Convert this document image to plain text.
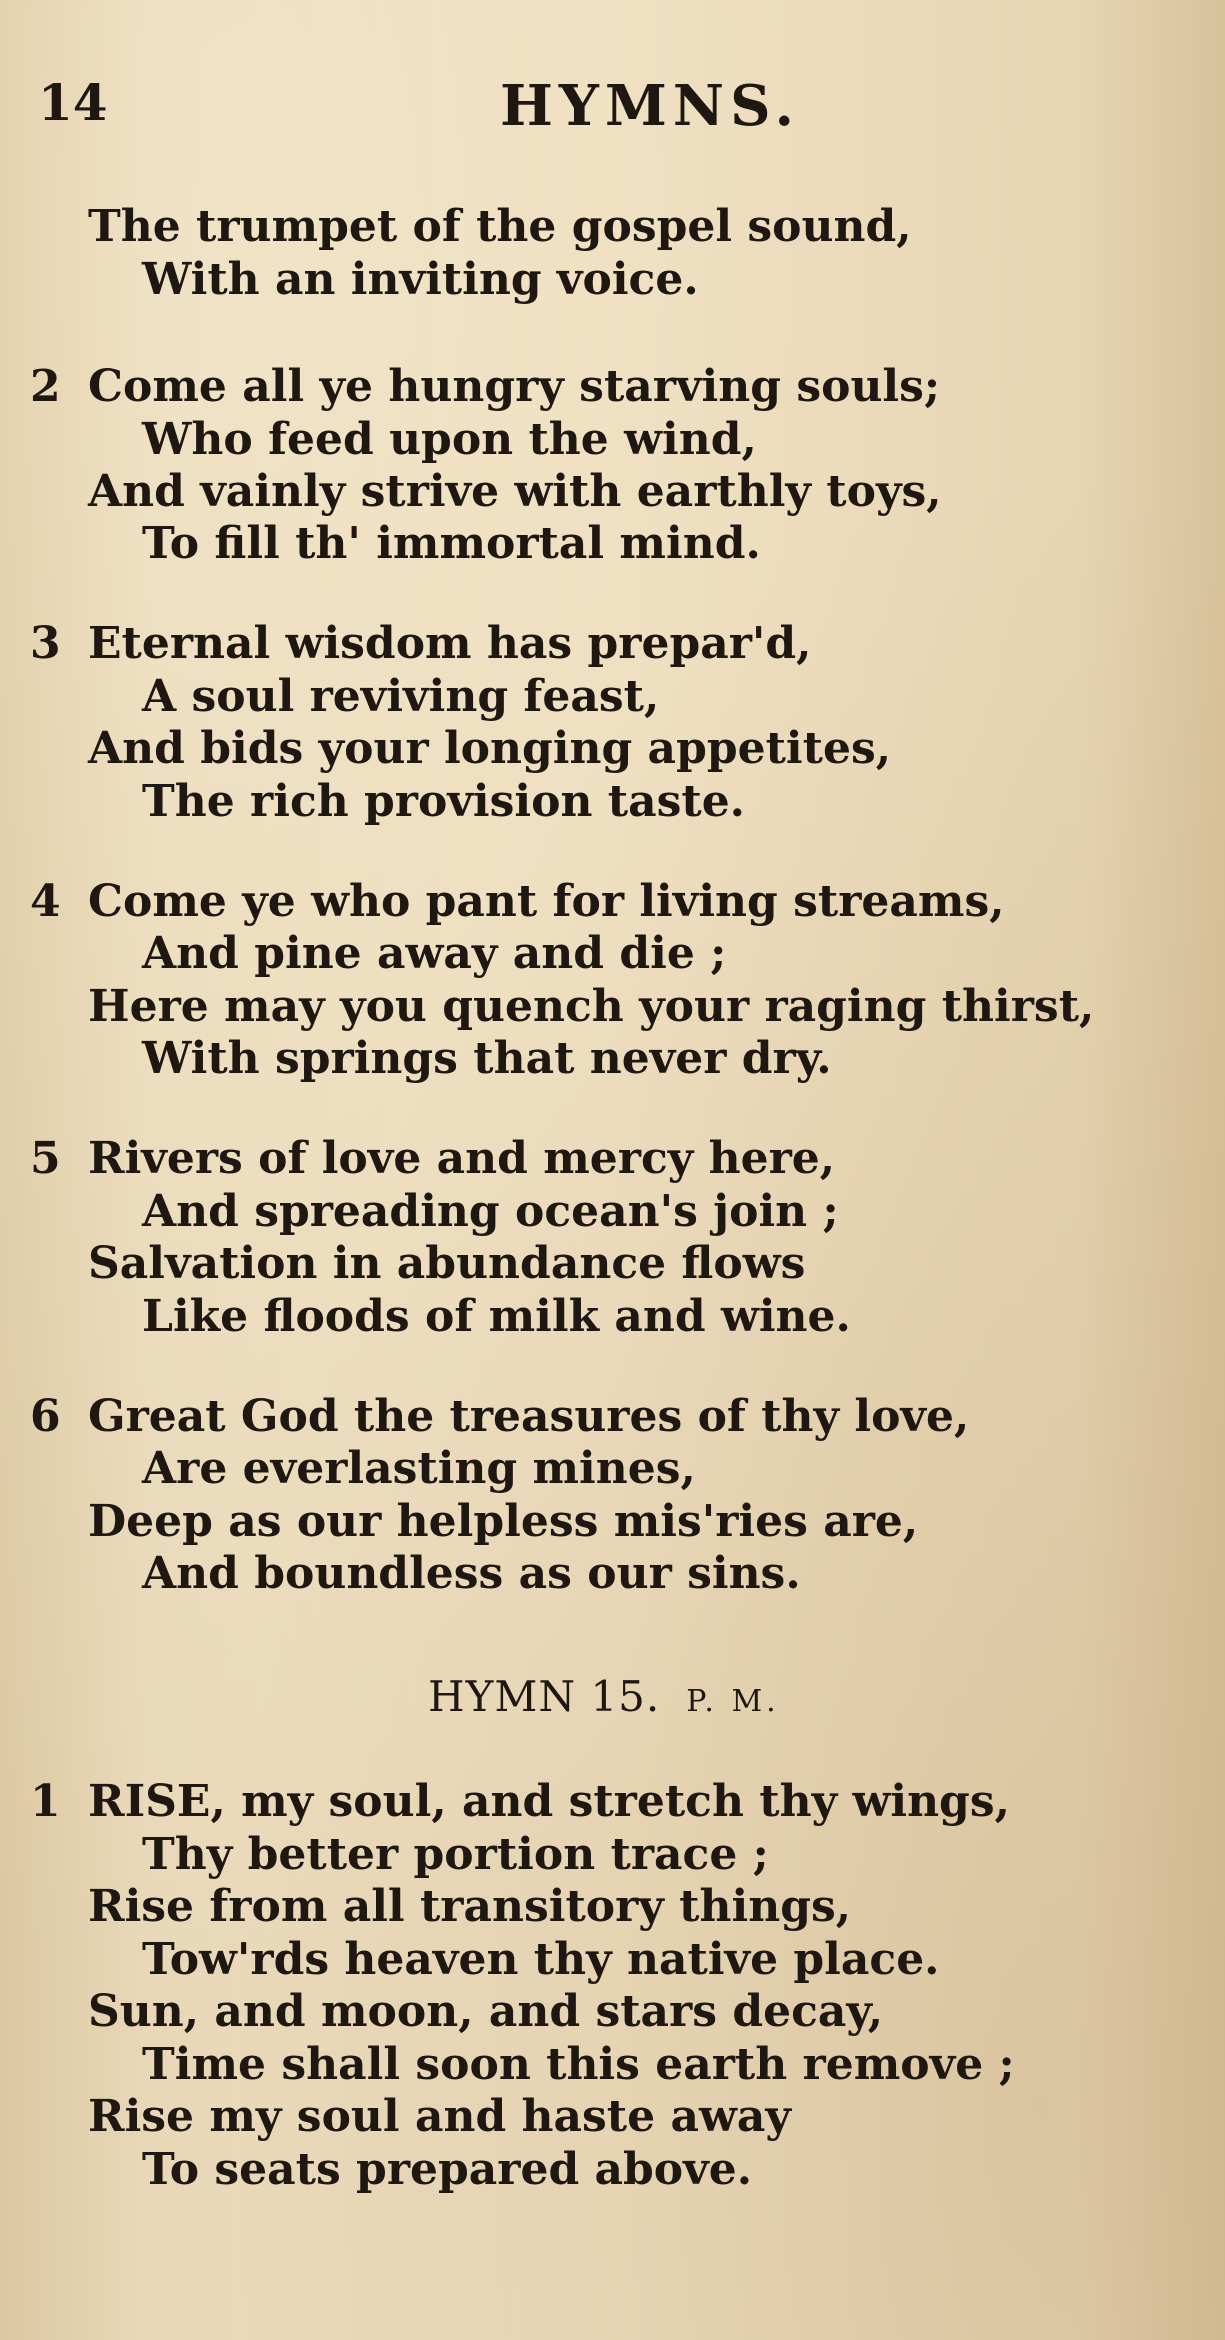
14	HYMNS.
The trumpet of the gospel sound,
With an inviting voice.
2 Come all ye hungry starving souls;
Who feed upon the wind,
And vainly strive with earthly toys,
To fill th' immortal mind.
3 Eternal wisdom has prepar'd,
A soul reviving feast,
And bids your longing appetites,
The rich provision taste.
4 Come ye who pant for living streams,
And pine away and die ;
Here may you quench your raging thirst,
With springs that never dry.
5 Rivers of love and mercy here,
And spreading ocean's join ;
Salvation in abundance flows
Like floods of milk and wine.
6 Great God the treasures of thy love,
Are everlasting mines,
Deep as our helpless mis'ries are,
And boundless as our sins.
HYMN 15. P. M.
1 RISE, my soul, and stretch thy wings,
Thy better portion trace ;
Rise from all transitory things,
Tow'rds heaven thy native place.
Sun, and moon, and stars decay,
Time shall soon this earth remove ;
Rise my soul and haste away
To seats prepared above.
